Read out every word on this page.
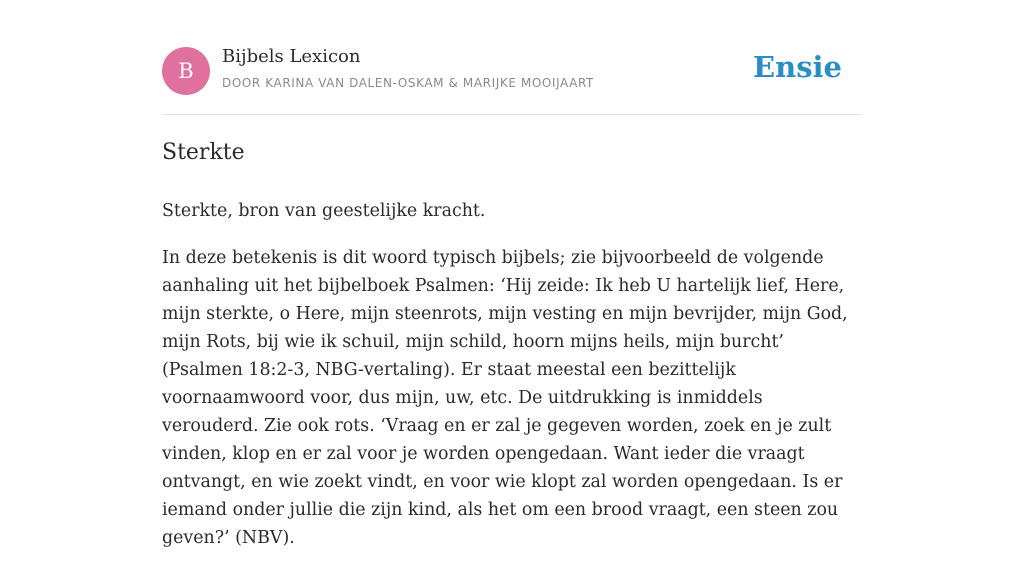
B
Bijbels Lexicon
DOOR KARINA VAN DALEN-OSKAM & MARIJKE MOOIJAART	Ensie
Sterkte

Sterkte, bron van geestelijke kracht.

In deze betekenis is dit woord typisch bijbels; zie bijvoorbeeld de volgende aanhaling uit het bijbelboek Psalmen: ‘Hij zeide: Ik heb U hartelijk lief, Here, mijn sterkte, o Here, mijn steenrots, mijn vesting en mijn bevrijder, mijn God, mijn Rots, bij wie ik schuil, mijn schild, hoorn mijns heils, mijn burcht’ (Psalmen 18:2-3, NBG-vertaling). Er staat meestal een bezittelijk voornaamwoord voor, dus mijn, uw, etc. De uitdrukking is inmiddels verouderd. Zie ook rots. ‘Vraag en er zal je gegeven worden, zoek en je zult vinden, klop en er zal voor je worden opengedaan. Want ieder die vraagt ontvangt, en wie zoekt vindt, en voor wie klopt zal worden opengedaan. Is er iemand onder jullie die zijn kind, als het om een brood vraagt, een steen zou geven?’ (NBV).
